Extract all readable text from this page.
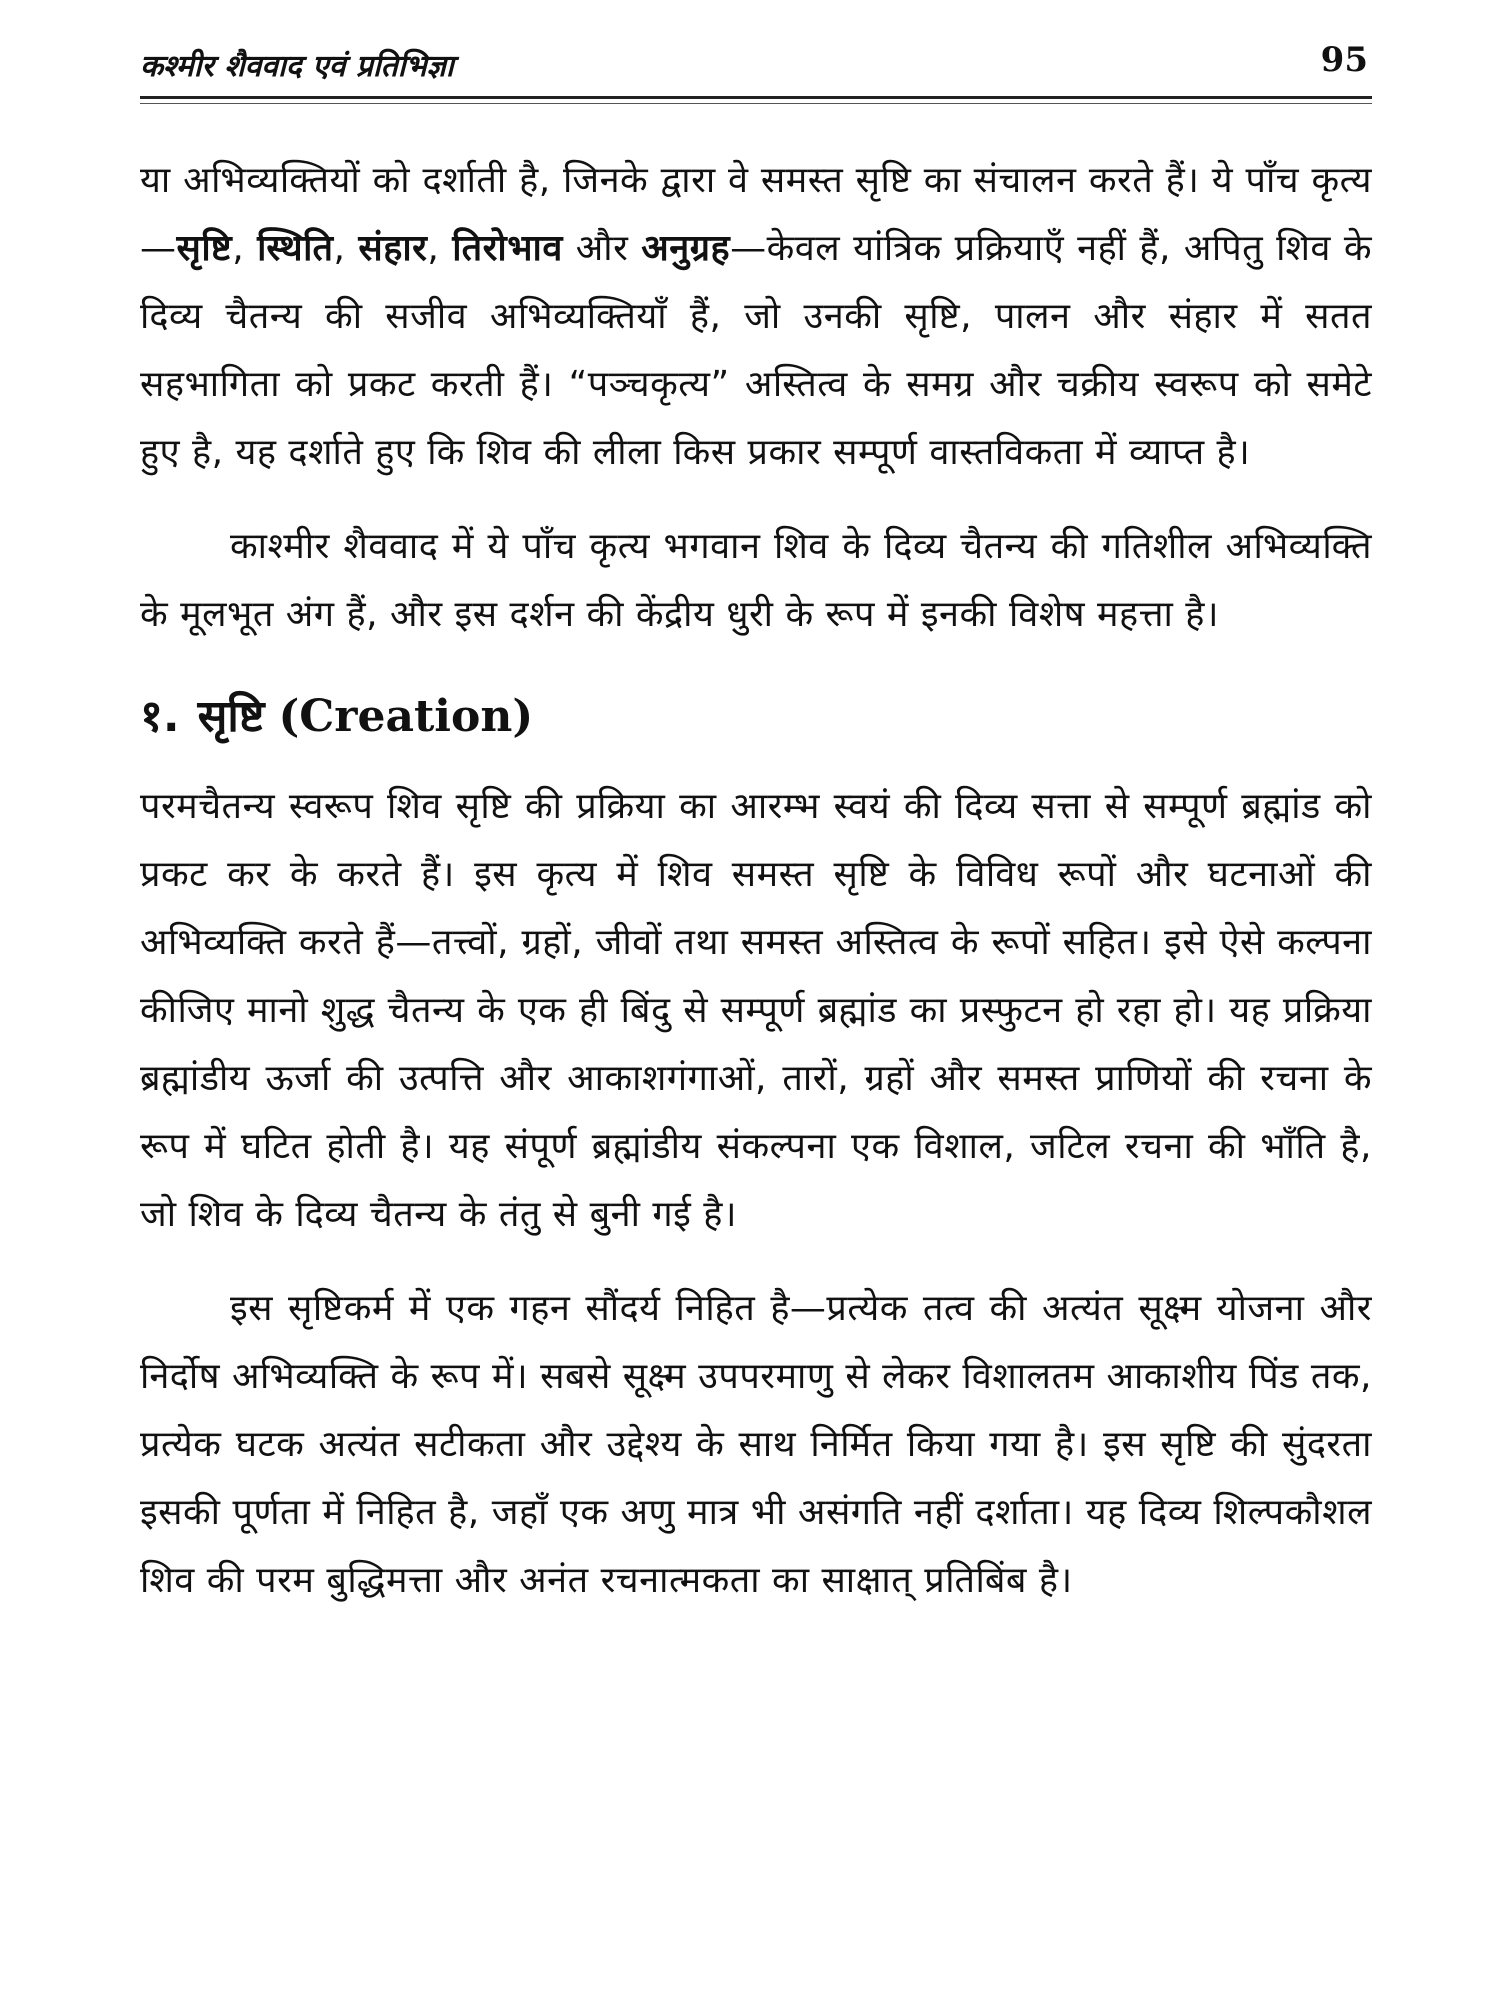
कश्मीर शैववाद एवं प्रतिभिज्ञा	95

या अभिव्यक्तियों को दर्शाती है, जिनके द्वारा वे समस्त सृष्टि का संचालन करते हैं। ये पाँच कृत्य—सृष्टि, स्थिति, संहार, तिरोभाव और अनुग्रह—केवल यांत्रिक प्रक्रियाएँ नहीं हैं, अपितु शिव के दिव्य चैतन्य की सजीव अभिव्यक्तियाँ हैं, जो उनकी सृष्टि, पालन और संहार में सतत सहभागिता को प्रकट करती हैं। “पञ्चकृत्य” अस्तित्व के समग्र और चक्रीय स्वरूप को समेटे हुए है, यह दर्शाते हुए कि शिव की लीला किस प्रकार सम्पूर्ण वास्तविकता में व्याप्त है।

काश्मीर शैववाद में ये पाँच कृत्य भगवान शिव के दिव्य चैतन्य की गतिशील अभिव्यक्ति के मूलभूत अंग हैं, और इस दर्शन की केंद्रीय धुरी के रूप में इनकी विशेष महत्ता है।

१. सृष्टि (Creation)

परमचैतन्य स्वरूप शिव सृष्टि की प्रक्रिया का आरम्भ स्वयं की दिव्य सत्ता से सम्पूर्ण ब्रह्मांड को प्रकट कर के करते हैं। इस कृत्य में शिव समस्त सृष्टि के विविध रूपों और घटनाओं की अभिव्यक्ति करते हैं—तत्त्वों, ग्रहों, जीवों तथा समस्त अस्तित्व के रूपों सहित। इसे ऐसे कल्पना कीजिए मानो शुद्ध चैतन्य के एक ही बिंदु से सम्पूर्ण ब्रह्मांड का प्रस्फुटन हो रहा हो। यह प्रक्रिया ब्रह्मांडीय ऊर्जा की उत्पत्ति और आकाशगंगाओं, तारों, ग्रहों और समस्त प्राणियों की रचना के रूप में घटित होती है। यह संपूर्ण ब्रह्मांडीय संकल्पना एक विशाल, जटिल रचना की भाँति है, जो शिव के दिव्य चैतन्य के तंतु से बुनी गई है।

इस सृष्टिकर्म में एक गहन सौंदर्य निहित है—प्रत्येक तत्व की अत्यंत सूक्ष्म योजना और निर्दोष अभिव्यक्ति के रूप में। सबसे सूक्ष्म उपपरमाणु से लेकर विशालतम आकाशीय पिंड तक, प्रत्येक घटक अत्यंत सटीकता और उद्देश्य के साथ निर्मित किया गया है। इस सृष्टि की सुंदरता इसकी पूर्णता में निहित है, जहाँ एक अणु मात्र भी असंगति नहीं दर्शाता। यह दिव्य शिल्पकौशल शिव की परम बुद्धिमत्ता और अनंत रचनात्मकता का साक्षात् प्रतिबिंब है।
